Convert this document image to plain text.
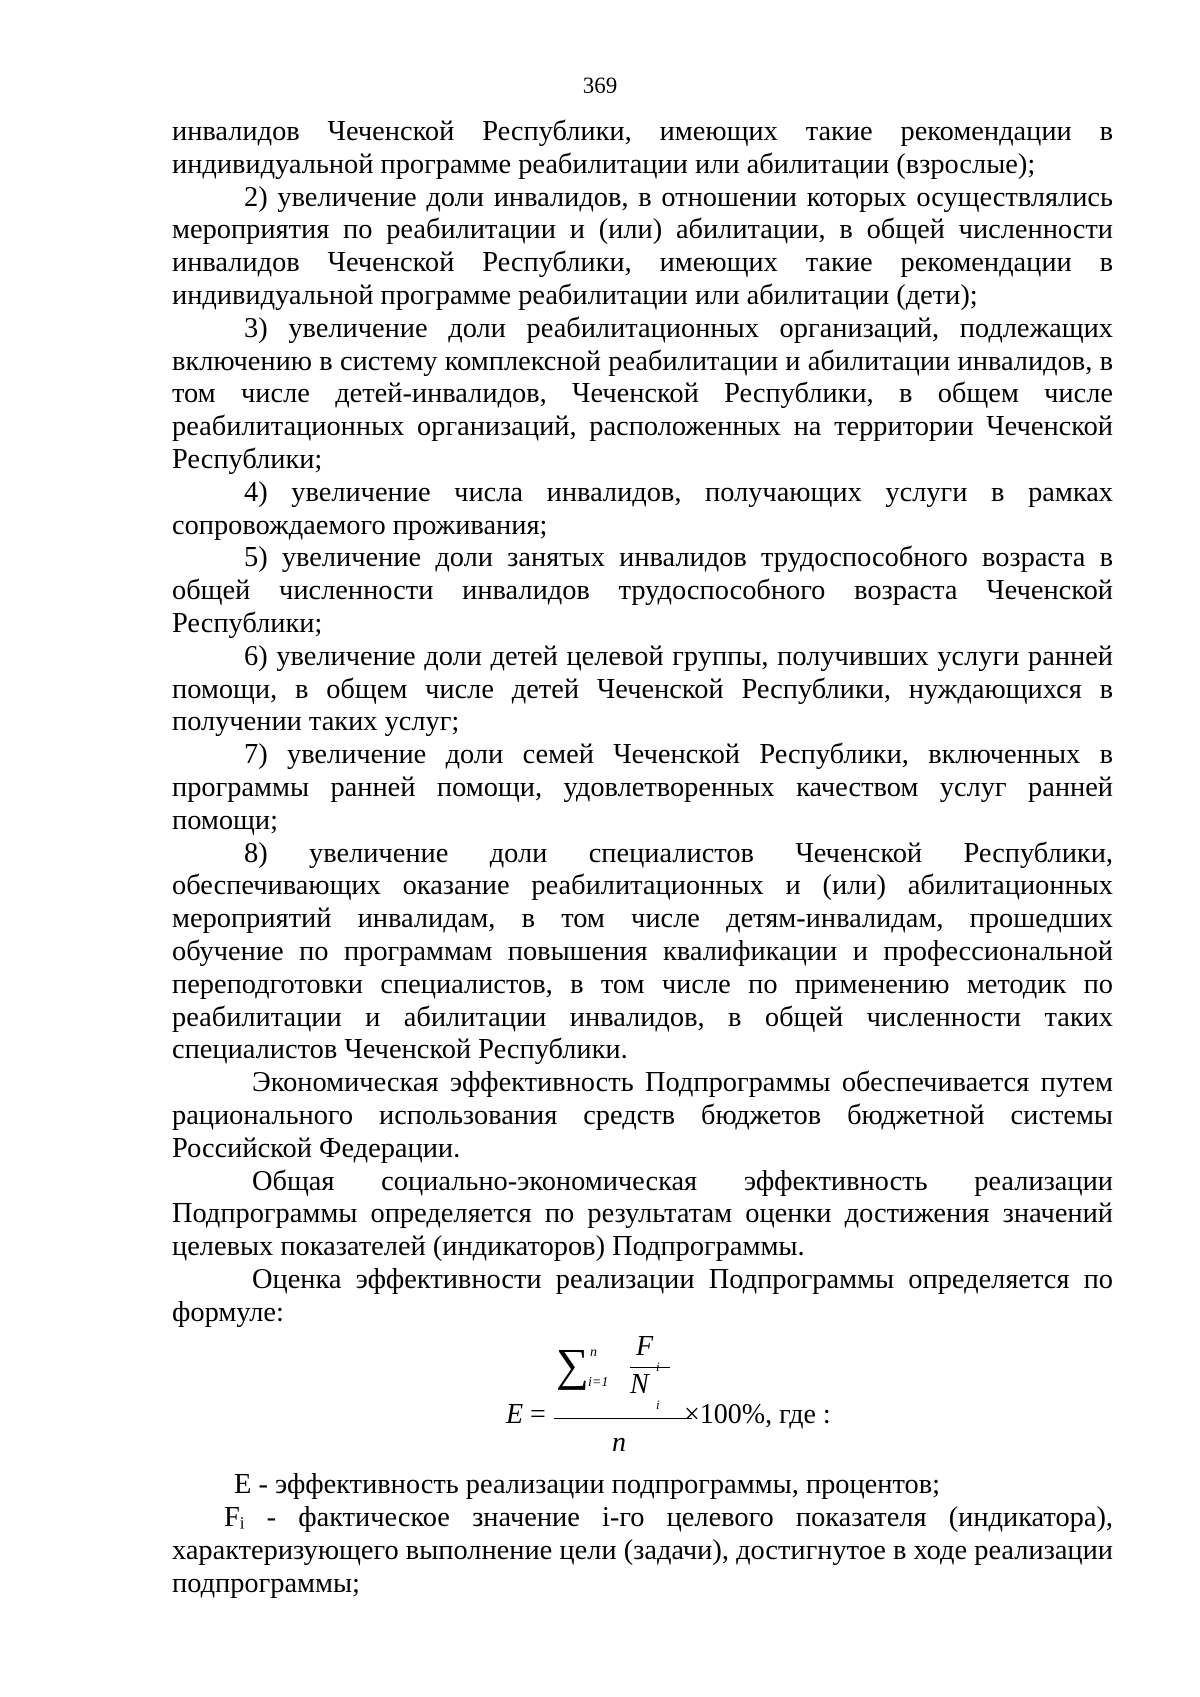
369

инвалидов Чеченской Республики, имеющих такие рекомендации в индивидуальной программе реабилитации или абилитации (взрослые);

2) увеличение доли инвалидов, в отношении которых осуществлялись мероприятия по реабилитации и (или) абилитации, в общей численности инвалидов Чеченской Республики, имеющих такие рекомендации в индивидуальной программе реабилитации или абилитации (дети);

3) увеличение доли реабилитационных организаций, подлежащих включению в систему комплексной реабилитации и абилитации инвалидов, в том числе детей-инвалидов, Чеченской Республики, в общем числе реабилитационных организаций, расположенных на территории Чеченской Республики;

4) увеличение числа инвалидов, получающих услуги в рамках сопровождаемого проживания;

5) увеличение доли занятых инвалидов трудоспособного возраста в общей численности инвалидов трудоспособного возраста Чеченской Республики;

6) увеличение доли детей целевой группы, получивших услуги ранней помощи, в общем числе детей Чеченской Республики, нуждающихся в получении таких услуг;

7) увеличение доли семей Чеченской Республики, включенных в программы ранней помощи, удовлетворенных качеством услуг ранней помощи;

8) увеличение доли специалистов Чеченской Республики, обеспечивающих оказание реабилитационных и (или) абилитационных мероприятий инвалидам, в том числе детям-инвалидам, прошедших обучение по программам повышения квалификации и профессиональной переподготовки специалистов, в том числе по применению методик по реабилитации и абилитации инвалидов, в общей численности таких специалистов Чеченской Республики.

Экономическая эффективность Подпрограммы обеспечивается путем рационального использования средств бюджетов бюджетной системы Российской Федерации.

Общая социально-экономическая эффективность реализации Подпрограммы определяется по результатам оценки достижения значений целевых показателей (индикаторов) Подпрограммы.

Оценка эффективности реализации Подпрограммы определяется по формуле:

E =
∑ n
i=1
F
i
N
i
n
×100%, где :

Е - эффективность реализации подпрограммы, процентов;

Fᵢ - фактическое значение i-го целевого показателя (индикатора), характеризующего выполнение цели (задачи), достигнутое в ходе реализации подпрограммы;
